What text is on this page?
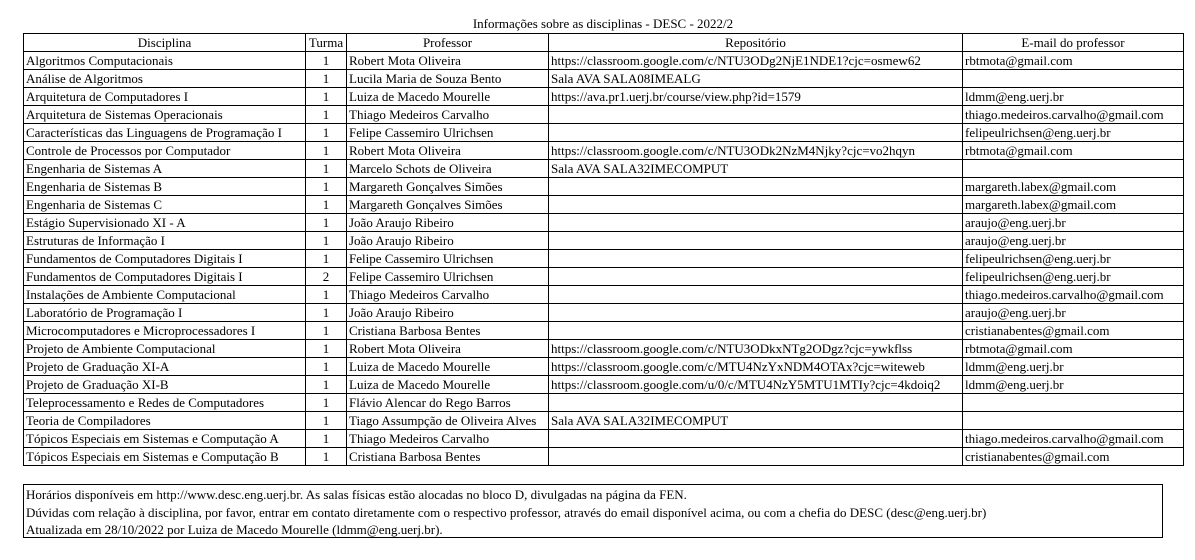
Informações sobre as disciplinas - DESC - 2022/2
Disciplina	Turma	Professor	Repositório	E-mail do professor
Algoritmos Computacionais	1	Robert Mota Oliveira	https://classroom.google.com/c/NTU3ODg2NjE1NDE1?cjc=osmew62	rbtmota@gmail.com
Análise de Algoritmos	1	Lucila Maria de Souza Bento	Sala AVA SALA08IMEALG	
Arquitetura de Computadores I	1	Luiza de Macedo Mourelle	https://ava.pr1.uerj.br/course/view.php?id=1579	ldmm@eng.uerj.br
Arquitetura de Sistemas Operacionais	1	Thiago Medeiros Carvalho		thiago.medeiros.carvalho@gmail.com
Características das Linguagens de Programação I	1	Felipe Cassemiro Ulrichsen		felipeulrichsen@eng.uerj.br
Controle de Processos por Computador	1	Robert Mota Oliveira	https://classroom.google.com/c/NTU3ODk2NzM4Njky?cjc=vo2hqyn	rbtmota@gmail.com
Engenharia de Sistemas A	1	Marcelo Schots de Oliveira	Sala AVA SALA32IMECOMPUT	
Engenharia de Sistemas B	1	Margareth Gonçalves Simões		margareth.labex@gmail.com
Engenharia de Sistemas C	1	Margareth Gonçalves Simões		margareth.labex@gmail.com
Estágio Supervisionado XI - A	1	João Araujo Ribeiro		araujo@eng.uerj.br
Estruturas de Informação I	1	João Araujo Ribeiro		araujo@eng.uerj.br
Fundamentos de Computadores Digitais I	1	Felipe Cassemiro Ulrichsen		felipeulrichsen@eng.uerj.br
Fundamentos de Computadores Digitais I	2	Felipe Cassemiro Ulrichsen		felipeulrichsen@eng.uerj.br
Instalações de Ambiente Computacional	1	Thiago Medeiros Carvalho		thiago.medeiros.carvalho@gmail.com
Laboratório de Programação I	1	João Araujo Ribeiro		araujo@eng.uerj.br
Microcomputadores e Microprocessadores I	1	Cristiana Barbosa Bentes		cristianabentes@gmail.com
Projeto de Ambiente Computacional	1	Robert Mota Oliveira	https://classroom.google.com/c/NTU3ODkxNTg2ODgz?cjc=ywkflss	rbtmota@gmail.com
Projeto de Graduação XI-A	1	Luiza de Macedo Mourelle	https://classroom.google.com/c/MTU4NzYxNDM4OTAx?cjc=witeweb	ldmm@eng.uerj.br
Projeto de Graduação XI-B	1	Luiza de Macedo Mourelle	https://classroom.google.com/u/0/c/MTU4NzY5MTU1MTIy?cjc=4kdoiq2	ldmm@eng.uerj.br
Teleprocessamento e Redes de Computadores	1	Flávio Alencar do Rego Barros		
Teoria de Compiladores	1	Tiago Assumpção de Oliveira Alves	Sala AVA SALA32IMECOMPUT	
Tópicos Especiais em Sistemas e Computação A	1	Thiago Medeiros Carvalho		thiago.medeiros.carvalho@gmail.com
Tópicos Especiais em Sistemas e Computação B	1	Cristiana Barbosa Bentes		cristianabentes@gmail.com
Horários disponíveis em http://www.desc.eng.uerj.br. As salas físicas estão alocadas no bloco D, divulgadas na página da FEN.
Dúvidas com relação à disciplina, por favor, entrar em contato diretamente com o respectivo professor, através do email disponível acima, ou com a chefia do DESC (desc@eng.uerj.br)
Atualizada em 28/10/2022 por Luiza de Macedo Mourelle (ldmm@eng.uerj.br).
